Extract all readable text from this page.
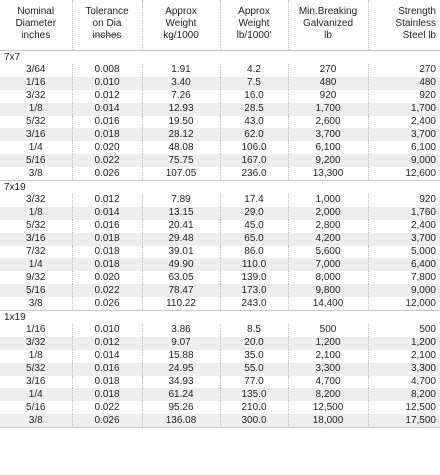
Nominal
Diameter
inches	Tolerance
on Dia
inches	Approx
Weight
kg/1000	Approx
Weight
lb/1000'	Min.Breaking
Galvanized
lb	Strength
Stainless
Steel lb

7x7					
3/64	0.008	1.91	4.2	270	270
1/16	0.010	3.40	7.5	480	480
3/32	0.012	7.26	16.0	920	920
1/8	0.014	12.93	28.5	1,700	1,700
5/32	0.016	19.50	43.0	2,600	2,400
3/16	0.018	28.12	62.0	3,700	3,700
1/4	0.020	48.08	106.0	6,100	6,100
5/16	0.022	75.75	167.0	9,200	9,000
3/8	0.026	107.05	236.0	13,300	12,600
7x19					
3/32	0.012	7.89	17.4	1,000	920
1/8	0.014	13.15	29.0	2,000	1,760
5/32	0.016	20.41	45.0	2,800	2,400
3/16	0.018	29.48	65.0	4,200	3,700
7/32	0.018	39.01	86.0	5,600	5,000
1/4	0.018	49.90	110.0	7,000	6,400
9/32	0.020	63.05	139.0	8,000	7,800
5/16	0.022	78.47	173.0	9,800	9,000
3/8	0.026	110.22	243.0	14,400	12,000
1x19					
1/16	0.010	3.86	8.5	500	500
3/32	0.012	9.07	20.0	1,200	1,200
1/8	0.014	15.88	35.0	2,100	2,100
5/32	0.016	24.95	55.0	3,300	3,300
3/16	0.018	34.93	77.0	4,700	4,700
1/4	0.018	61.24	135.0	8,200	8,200
5/16	0.022	95.26	210.0	12,500	12,500
3/8	0.026	136.08	300.0	18,000	17,500
